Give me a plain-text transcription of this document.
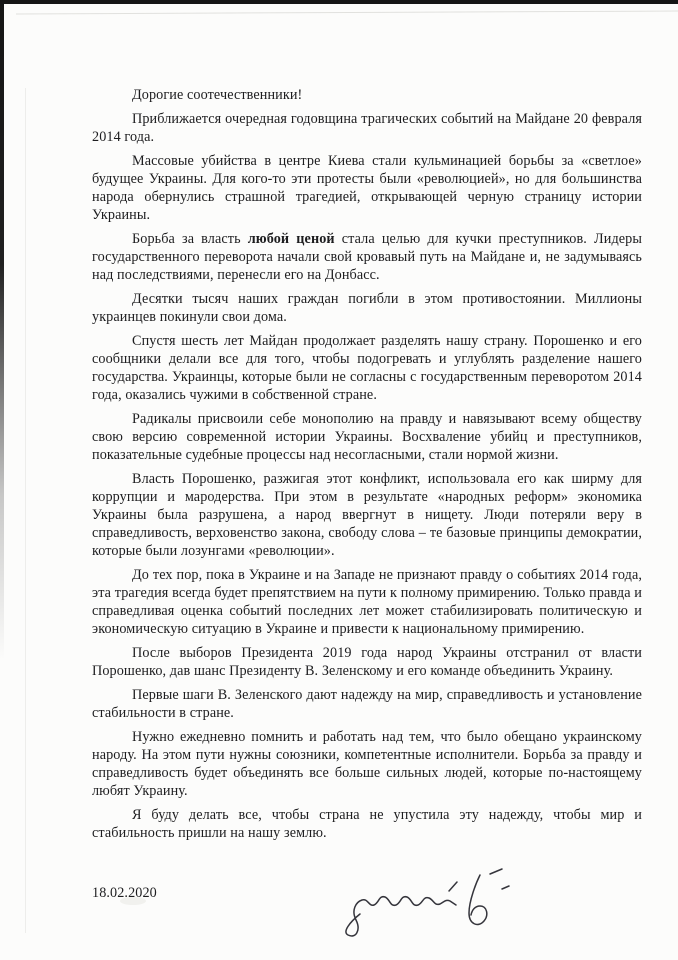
Дорогие соотечественники!

Приближается очередная годовщина трагических событий на Майдане 20 февраля 2014 года.

Массовые убийства в центре Киева стали кульминацией борьбы за «светлое» будущее Украины. Для кого-то эти протесты были «революцией», но для большинства народа обернулись страшной трагедией, открывающей черную страницу истории Украины.

Борьба за власть любой ценой стала целью для кучки преступников. Лидеры государственного переворота начали свой кровавый путь на Майдане и, не задумываясь над последствиями, перенесли его на Донбасс.

Десятки тысяч наших граждан погибли в этом противостоянии. Миллионы украинцев покинули свои дома.

Спустя шесть лет Майдан продолжает разделять нашу страну. Порошенко и его сообщники делали все для того, чтобы подогревать и углублять разделение нашего государства. Украинцы, которые были не согласны с государственным переворотом 2014 года, оказались чужими в собственной стране.

Радикалы присвоили себе монополию на правду и навязывают всему обществу свою версию современной истории Украины. Восхваление убийц и преступников, показательные судебные процессы над несогласными, стали нормой жизни.

Власть Порошенко, разжигая этот конфликт, использовала его как ширму для коррупции и мародерства. При этом в результате «народных реформ» экономика Украины была разрушена, а народ ввергнут в нищету. Люди потеряли веру в справедливость, верховенство закона, свободу слова – те базовые принципы демократии, которые были лозунгами «революции».

До тех пор, пока в Украине и на Западе не признают правду о событиях 2014 года, эта трагедия всегда будет препятствием на пути к полному примирению. Только правда и справедливая оценка событий последних лет может стабилизировать политическую и экономическую ситуацию в Украине и привести к национальному примирению.

После выборов Президента 2019 года народ Украины отстранил от власти Порошенко, дав шанс Президенту В. Зеленскому и его команде объединить Украину.

Первые шаги В. Зеленского дают надежду на мир, справедливость и установление стабильности в стране.

Нужно ежедневно помнить и работать над тем, что было обещано украинскому народу. На этом пути нужны союзники, компетентные исполнители. Борьба за правду и справедливость будет объединять все больше сильных людей, которые по-настоящему любят Украину.

Я буду делать все, чтобы страна не упустила эту надежду, чтобы мир и стабильность пришли на нашу землю.

18.02.2020
